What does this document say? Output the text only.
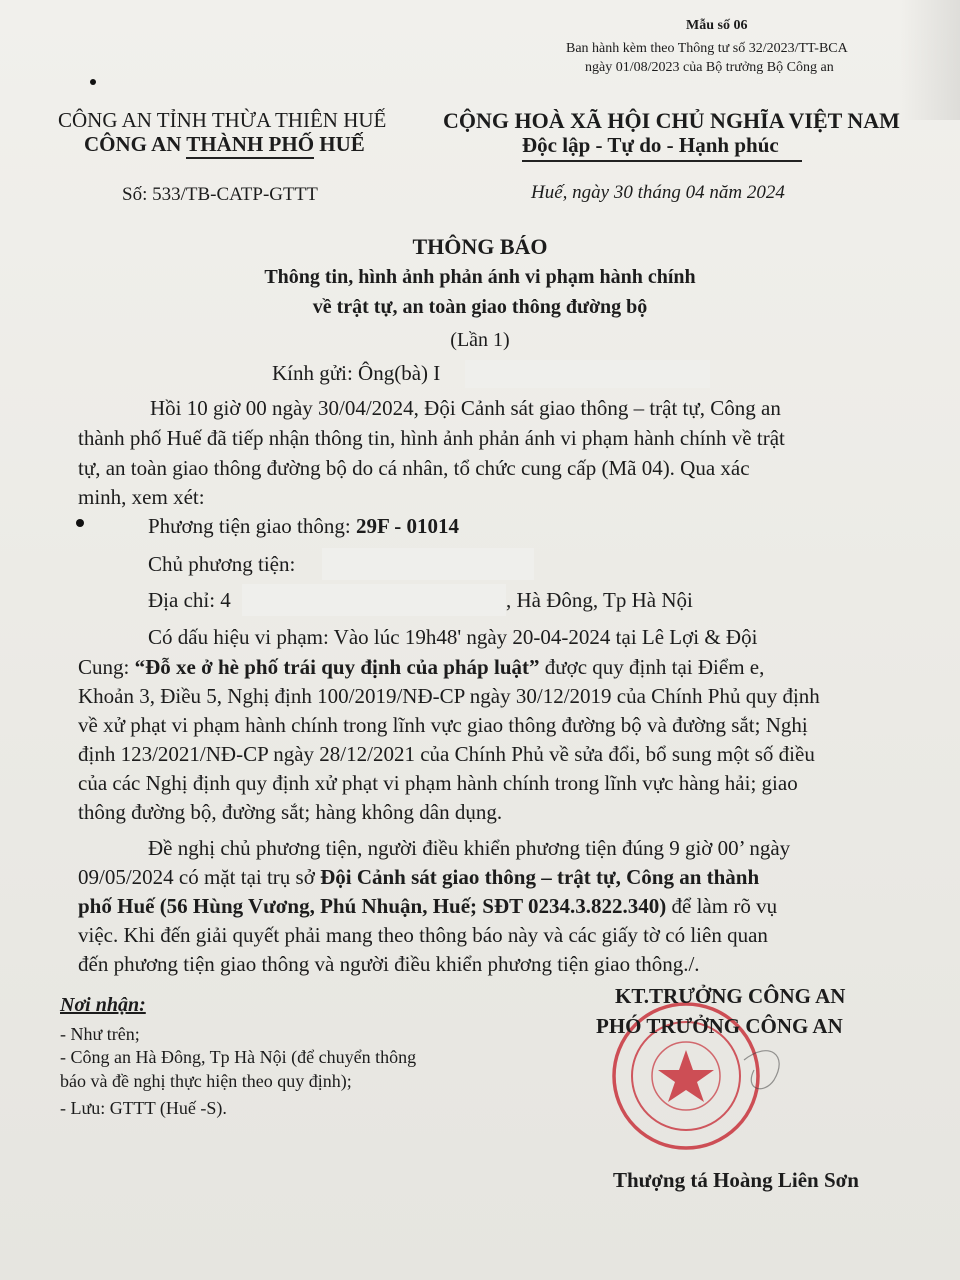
Mẫu số 06
Ban hành kèm theo Thông tư số 32/2023/TT-BCA
ngày 01/08/2023 của Bộ trưởng Bộ Công an
CÔNG AN TỈNH THỪA THIÊN HUẾ
CÔNG AN THÀNH PHỐ HUẾ
CỘNG HOÀ XÃ HỘI CHỦ NGHĨA VIỆT NAM
Độc lập - Tự do - Hạnh phúc
Số: 533/TB-CATP-GTTT	Huế, ngày 30 tháng 04 năm 2024
THÔNG BÁO
Thông tin, hình ảnh phản ánh vi phạm hành chính
về trật tự, an toàn giao thông đường bộ
(Lần 1)
Kính gửi: Ông(bà) I
Hồi 10 giờ 00 ngày 30/04/2024, Đội Cảnh sát giao thông – trật tự, Công an
thành phố Huế đã tiếp nhận thông tin, hình ảnh phản ánh vi phạm hành chính về trật
tự, an toàn giao thông đường bộ do cá nhân, tổ chức cung cấp (Mã 04). Qua xác
minh, xem xét:
Phương tiện giao thông: 29F - 01014
Chủ phương tiện:
Địa chỉ: 4	, Hà Đông, Tp Hà Nội
Có dấu hiệu vi phạm: Vào lúc 19h48' ngày 20-04-2024 tại Lê Lợi & Đội
Cung: “Đỗ xe ở hè phố trái quy định của pháp luật” được quy định tại Điểm e,
Khoản 3, Điều 5, Nghị định 100/2019/NĐ-CP ngày 30/12/2019 của Chính Phủ quy định
về xử phạt vi phạm hành chính trong lĩnh vực giao thông đường bộ và đường sắt; Nghị
định 123/2021/NĐ-CP ngày 28/12/2021 của Chính Phủ về sửa đổi, bổ sung một số điều
của các Nghị định quy định xử phạt vi phạm hành chính trong lĩnh vực hàng hải; giao
thông đường bộ, đường sắt; hàng không dân dụng.
Đề nghị chủ phương tiện, người điều khiển phương tiện đúng 9 giờ 00’ ngày
09/05/2024 có mặt tại trụ sở Đội Cảnh sát giao thông – trật tự, Công an thành
phố Huế (56 Hùng Vương, Phú Nhuận, Huế; SĐT 0234.3.822.340) để làm rõ vụ
việc. Khi đến giải quyết phải mang theo thông báo này và các giấy tờ có liên quan
đến phương tiện giao thông và người điều khiển phương tiện giao thông./.
Nơi nhận:
- Như trên;
- Công an Hà Đông, Tp Hà Nội (để chuyển thông
báo và đề nghị thực hiện theo quy định);
- Lưu: GTTT (Huế -S).
KT.TRƯỞNG CÔNG AN
PHÓ TRƯỞNG CÔNG AN
Thượng tá Hoàng Liên Sơn
